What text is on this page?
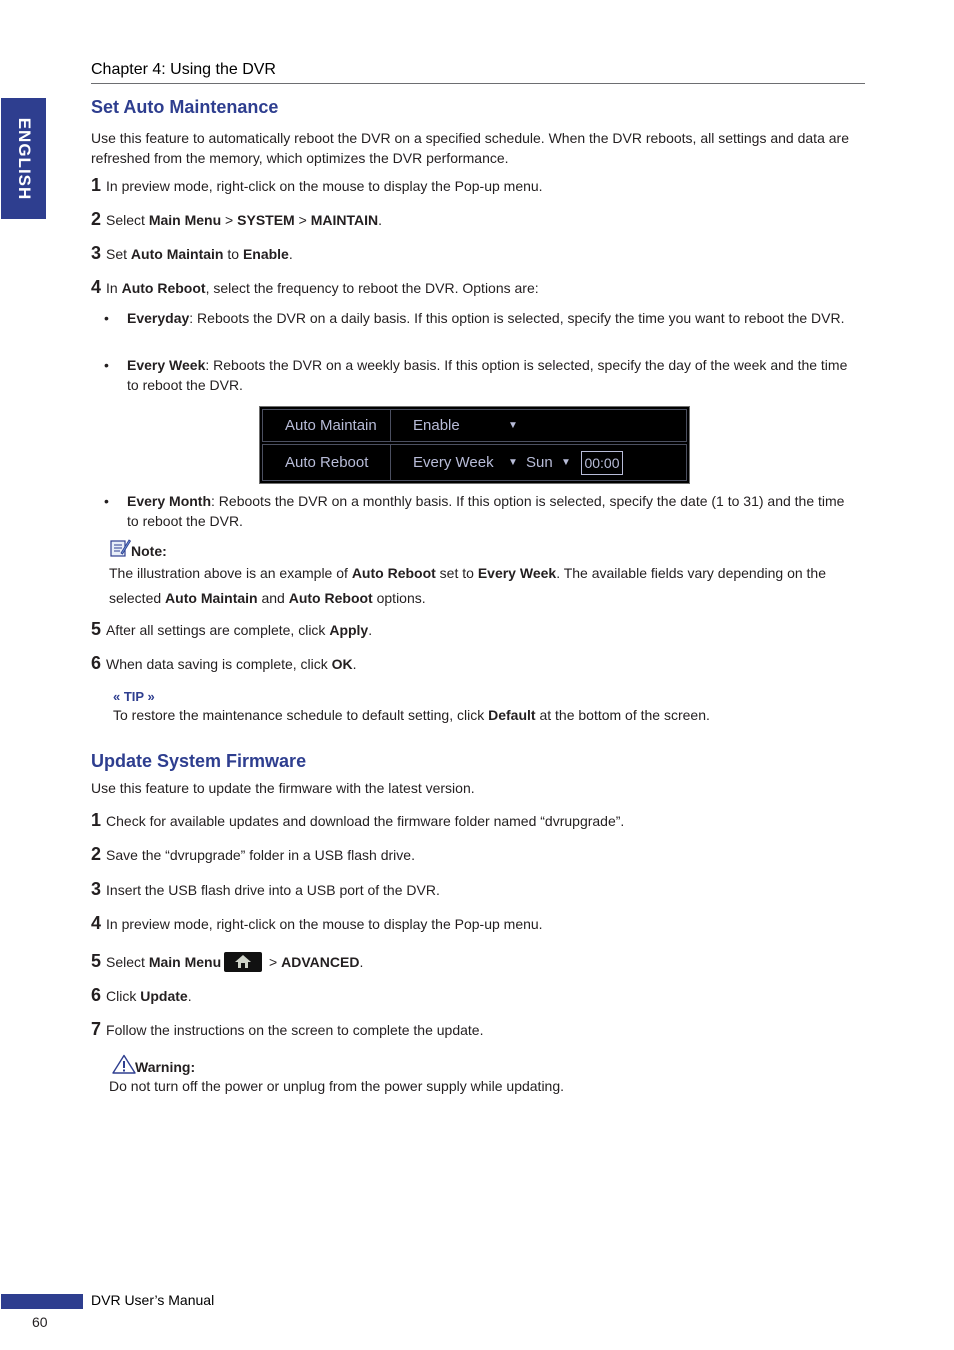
ENGLISH
Chapter 4: Using the DVR
Set Auto Maintenance
Use this feature to automatically reboot the DVR on a specified schedule. When the DVR reboots, all settings and data are refreshed from the memory, which optimizes the DVR performance.
1 In preview mode, right-click on the mouse to display the Pop-up menu.
2 Select Main Menu > SYSTEM > MAINTAIN.
3 Set Auto Maintain to Enable.
4 In Auto Reboot, select the frequency to reboot the DVR. Options are:
• Everyday: Reboots the DVR on a daily basis. If this option is selected, specify the time you want to reboot the DVR.
• Every Week: Reboots the DVR on a weekly basis. If this option is selected, specify the day of the week and the time to reboot the DVR.
Auto Maintain	Enable	▼
Auto Reboot	Every Week ▼ Sun ▼ 00:00
• Every Month: Reboots the DVR on a monthly basis. If this option is selected, specify the date (1 to 31) and the time to reboot the DVR.
Note:
The illustration above is an example of Auto Reboot set to Every Week. The available fields vary depending on the selected Auto Maintain and Auto Reboot options.
5 After all settings are complete, click Apply.
6 When data saving is complete, click OK.
« TIP »
To restore the maintenance schedule to default setting, click Default at the bottom of the screen.
Update System Firmware
Use this feature to update the firmware with the latest version.
1 Check for available updates and download the firmware folder named “dvrupgrade”.
2 Save the “dvrupgrade” folder in a USB flash drive.
3 Insert the USB flash drive into a USB port of the DVR.
4 In preview mode, right-click on the mouse to display the Pop-up menu.
5 Select Main Menu	> ADVANCED.
6 Click Update.
7 Follow the instructions on the screen to complete the update.
Warning:
Do not turn off the power or unplug from the power supply while updating.
DVR User’s Manual
60
